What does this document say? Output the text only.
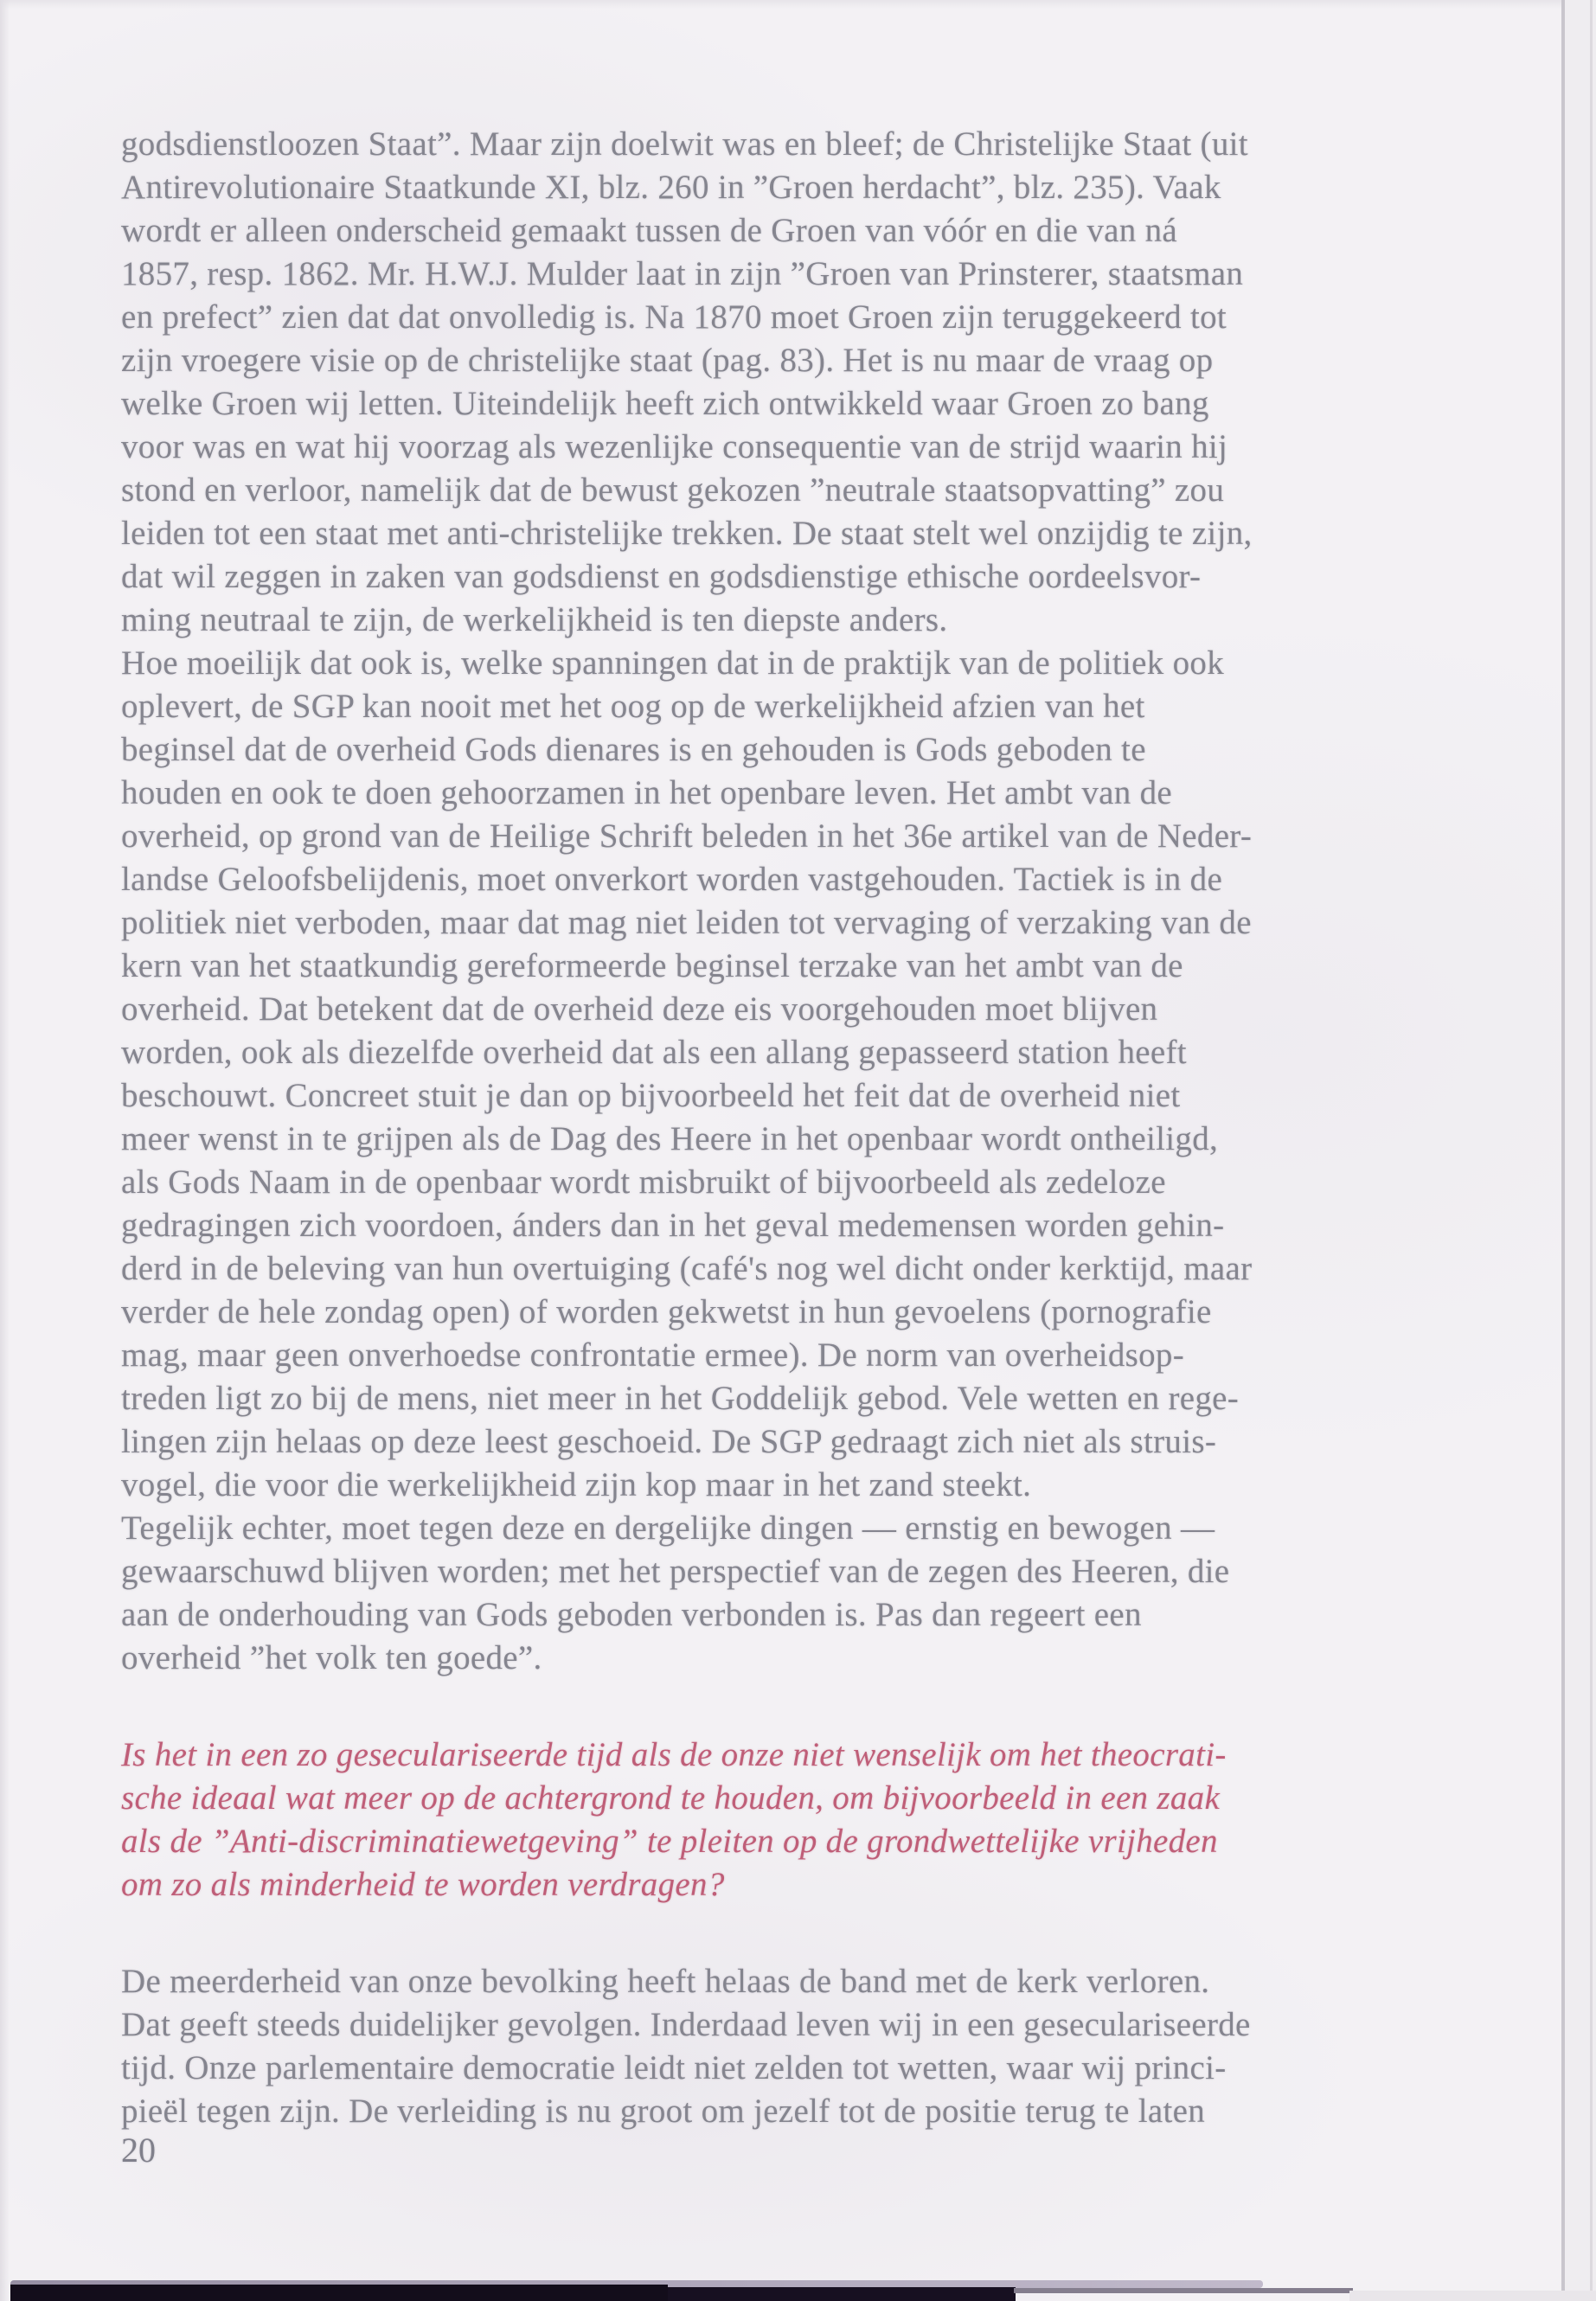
godsdienstloozen Staat”. Maar zijn doelwit was en bleef; de Christelijke Staat (uit
Antirevolutionaire Staatkunde XI, blz. 260 in ”Groen herdacht”, blz. 235). Vaak
wordt er alleen onderscheid gemaakt tussen de Groen van vóór en die van ná
1857, resp. 1862. Mr. H.W.J. Mulder laat in zijn ”Groen van Prinsterer, staatsman
en prefect” zien dat dat onvolledig is. Na 1870 moet Groen zijn teruggekeerd tot
zijn vroegere visie op de christelijke staat (pag. 83). Het is nu maar de vraag op
welke Groen wij letten. Uiteindelijk heeft zich ontwikkeld waar Groen zo bang
voor was en wat hij voorzag als wezenlijke consequentie van de strijd waarin hij
stond en verloor, namelijk dat de bewust gekozen ”neutrale staatsopvatting” zou
leiden tot een staat met anti-christelijke trekken. De staat stelt wel onzijdig te zijn,
dat wil zeggen in zaken van godsdienst en godsdienstige ethische oordeelsvor-
ming neutraal te zijn, de werkelijkheid is ten diepste anders.
Hoe moeilijk dat ook is, welke spanningen dat in de praktijk van de politiek ook
oplevert, de SGP kan nooit met het oog op de werkelijkheid afzien van het
beginsel dat de overheid Gods dienares is en gehouden is Gods geboden te
houden en ook te doen gehoorzamen in het openbare leven. Het ambt van de
overheid, op grond van de Heilige Schrift beleden in het 36e artikel van de Neder-
landse Geloofsbelijdenis, moet onverkort worden vastgehouden. Tactiek is in de
politiek niet verboden, maar dat mag niet leiden tot vervaging of verzaking van de
kern van het staatkundig gereformeerde beginsel terzake van het ambt van de
overheid. Dat betekent dat de overheid deze eis voorgehouden moet blijven
worden, ook als diezelfde overheid dat als een allang gepasseerd station heeft
beschouwt. Concreet stuit je dan op bijvoorbeeld het feit dat de overheid niet
meer wenst in te grijpen als de Dag des Heere in het openbaar wordt ontheiligd,
als Gods Naam in de openbaar wordt misbruikt of bijvoorbeeld als zedeloze
gedragingen zich voordoen, ánders dan in het geval medemensen worden gehin-
derd in de beleving van hun overtuiging (café's nog wel dicht onder kerktijd, maar
verder de hele zondag open) of worden gekwetst in hun gevoelens (pornografie
mag, maar geen onverhoedse confrontatie ermee). De norm van overheidsop-
treden ligt zo bij de mens, niet meer in het Goddelijk gebod. Vele wetten en rege-
lingen zijn helaas op deze leest geschoeid. De SGP gedraagt zich niet als struis-
vogel, die voor die werkelijkheid zijn kop maar in het zand steekt.
Tegelijk echter, moet tegen deze en dergelijke dingen — ernstig en bewogen —
gewaarschuwd blijven worden; met het perspectief van de zegen des Heeren, die
aan de onderhouding van Gods geboden verbonden is. Pas dan regeert een
overheid ”het volk ten goede”.
Is het in een zo geseculariseerde tijd als de onze niet wenselijk om het theocrati-
sche ideaal wat meer op de achtergrond te houden, om bijvoorbeeld in een zaak
als de ”Anti-discriminatiewetgeving” te pleiten op de grondwettelijke vrijheden
om zo als minderheid te worden verdragen?
De meerderheid van onze bevolking heeft helaas de band met de kerk verloren.
Dat geeft steeds duidelijker gevolgen. Inderdaad leven wij in een geseculariseerde
tijd. Onze parlementaire democratie leidt niet zelden tot wetten, waar wij princi-
pieël tegen zijn. De verleiding is nu groot om jezelf tot de positie terug te laten
20
